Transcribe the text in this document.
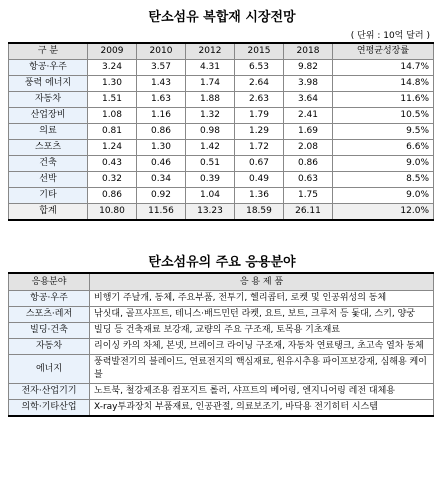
탄소섬유 복합재 시장전망
( 단위 : 10억 달러 )
구 분	2009	2010	2012	2015	2018	연평균성장률
항공·우주	3.24	3.57	4.31	6.53	9.82	14.7%
풍력 에너지	1.30	1.43	1.74	2.64	3.98	14.8%
자동차	1.51	1.63	1.88	2.63	3.64	11.6%
산업장비	1.08	1.16	1.32	1.79	2.41	10.5%
의료	0.81	0.86	0.98	1.29	1.69	9.5%
스포츠	1.24	1.30	1.42	1.72	2.08	6.6%
건축	0.43	0.46	0.51	0.67	0.86	9.0%
선박	0.32	0.34	0.39	0.49	0.63	8.5%
기타	0.86	0.92	1.04	1.36	1.75	9.0%
합계	10.80	11.56	13.23	18.59	26.11	12.0%
탄소섬유의 주요 응용분야
응용분야	응 용 제 품
항공·우주	비행기 주날개, 동체, 주요부품, 전투기, 헬리콥터, 로켓 및 인공위성의 동체
스포츠·레저	낚싯대, 골프샤프트, 테니스·배드민턴 라켓, 요트, 보트, 크루저 등 돛대, 스키, 양궁
빌딩·건축	빌딩 등 건축재료 보강재, 교량의 주요 구조재, 토목용 기초재료
자동차	리이싱 카의 차체, 본넷, 브레이크 라이닝 구조재, 자동차 연료탱크, 초고속 열차 동체
에너지	풍력발전기의 블레이드, 연료전지의 핵심재료, 원유시추용 파이프보강재, 심해용 케이블
전자·산업기기	노트북, 철강제조용 컴포지트 롤러, 샤프트의 베어링, 엔지니어링 레전 대체용
의학·기타산업	X-ray투과장치 부품재료, 인공관절, 의료보조기, 바닥용 전기히터 시스템
